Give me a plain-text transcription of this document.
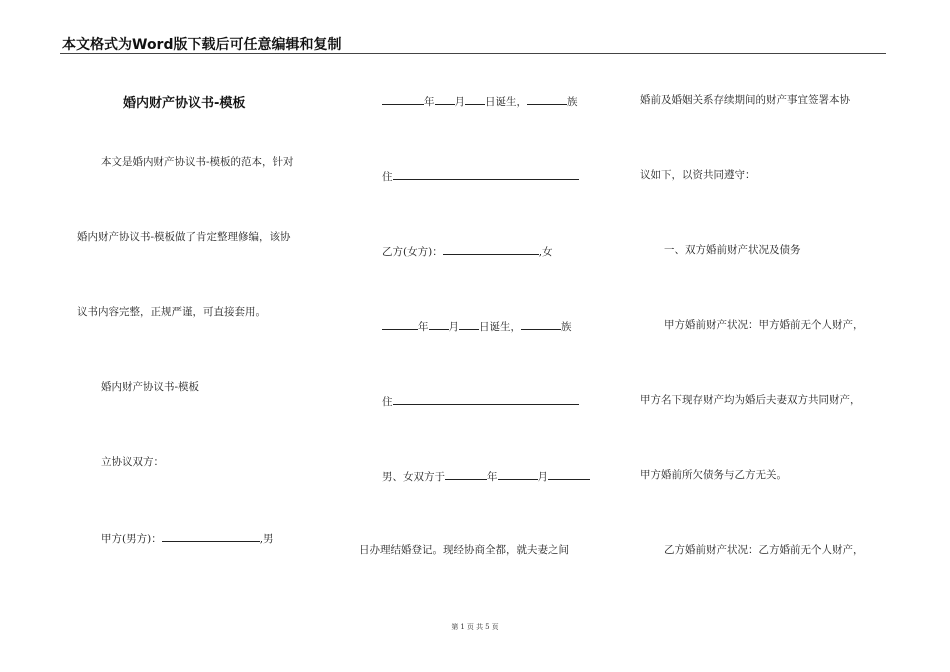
本文格式为Word版下载后可任意编辑和复制
婚内财产协议书-模板
本文是婚内财产协议书-模板的范本，针对
婚内财产协议书-模板做了肯定整理修编，该协
议书内容完整，正规严谨，可直接套用。
婚内财产协议书-模板
立协议双方：
甲方(男方)：	,男
年 月 日诞生，	族
住
乙方(女方)：	,女
年 月 日诞生，	族
住
男、女双方于	年	月
日办理结婚登记。现经协商全都，就夫妻之间
婚前及婚姻关系存续期间的财产事宜签署本协
议如下，以资共同遵守：
一、双方婚前财产状况及债务
甲方婚前财产状况：甲方婚前无个人财产，
甲方名下现存财产均为婚后夫妻双方共同财产，
甲方婚前所欠债务与乙方无关。
乙方婚前财产状况：乙方婚前无个人财产，
第 1 页 共 5 页
